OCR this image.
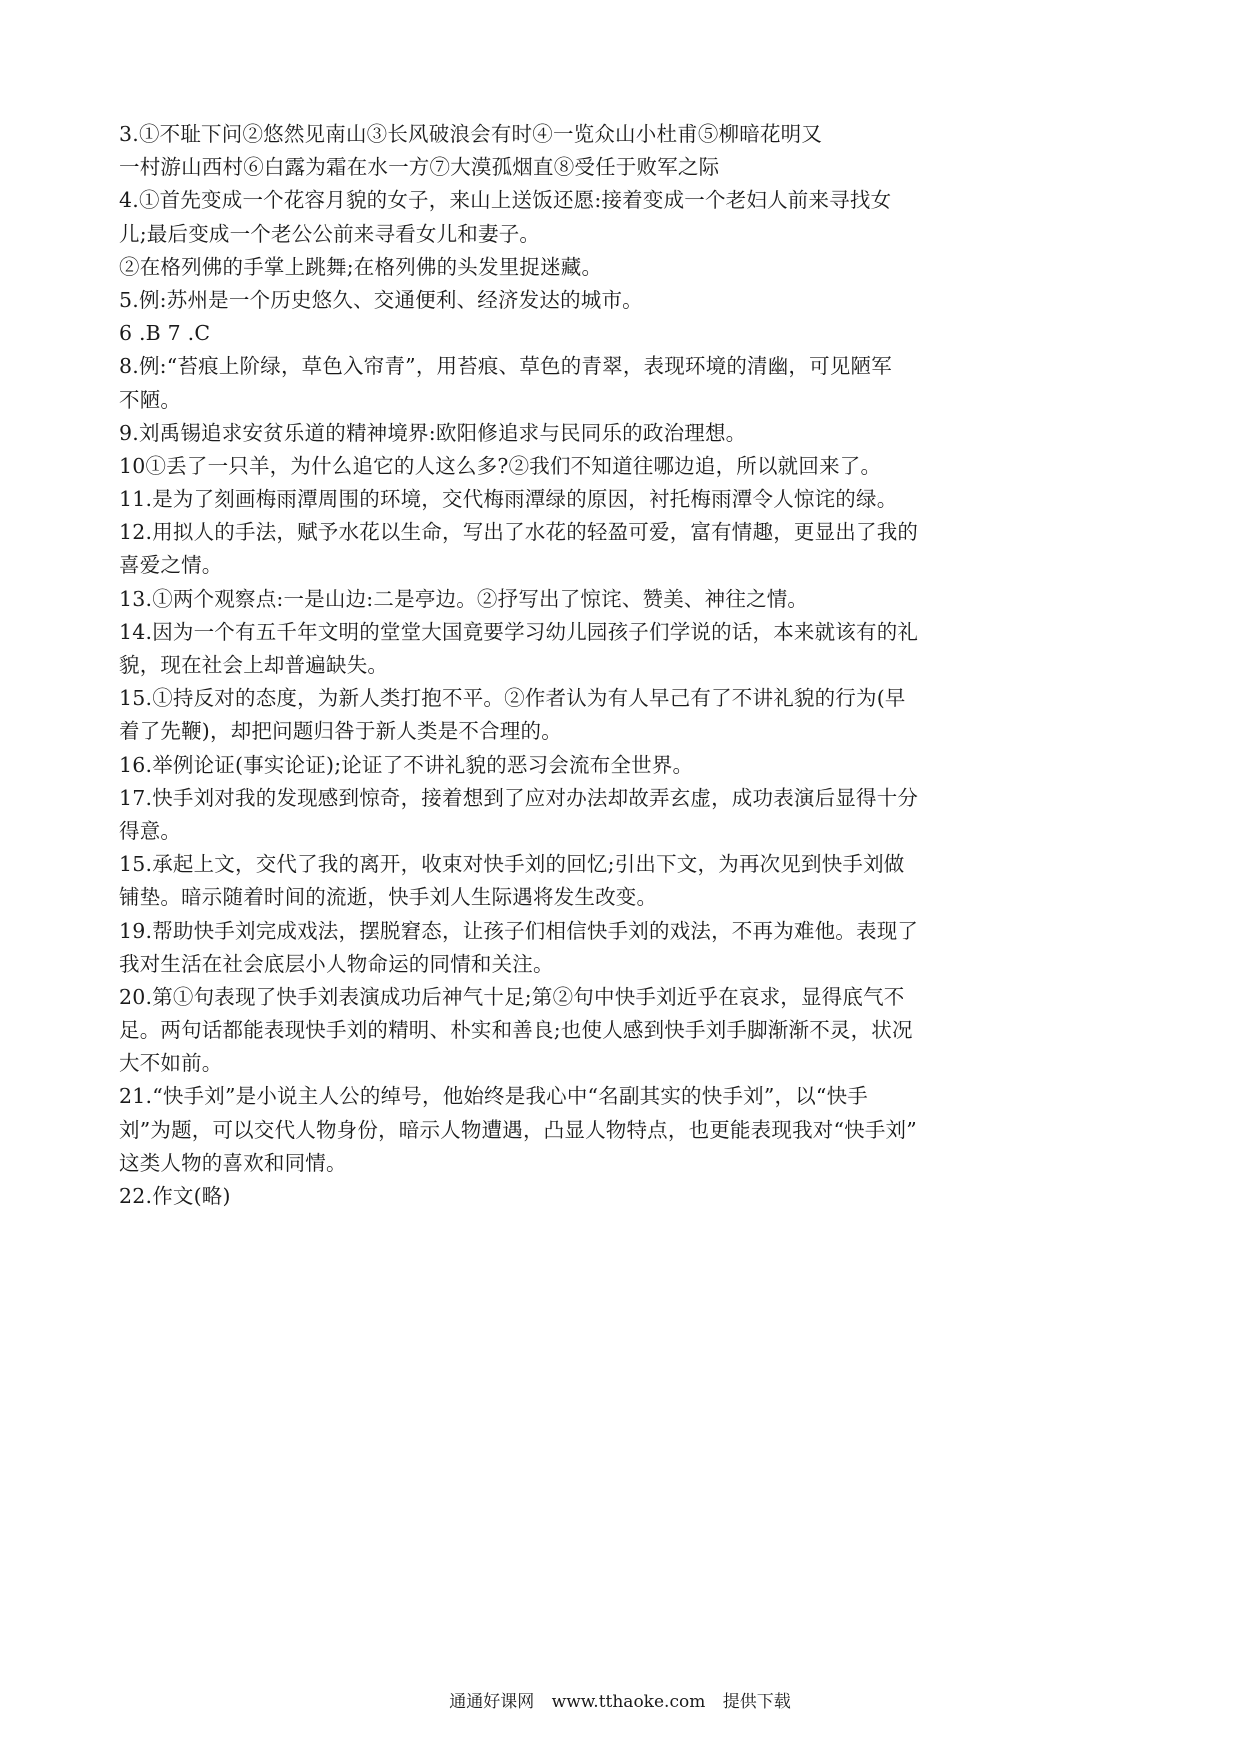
3.①不耻下问②悠然见南山③长风破浪会有时④一览众山小杜甫⑤柳暗花明又
一村游山西村⑥白露为霜在水一方⑦大漠孤烟直⑧受任于败军之际
4.①首先变成一个花容月貌的女子，来山上送饭还愿:接着变成一个老妇人前来寻找女
儿;最后变成一个老公公前来寻看女儿和妻子。
②在格列佛的手掌上跳舞;在格列佛的头发里捉迷藏。
5.例:苏州是一个历史悠久、交通便利、经济发达的城市。
6 .B 7 .C
8.例:“苔痕上阶绿，草色入帘青”，用苔痕、草色的青翠，表现环境的清幽，可见陋军
不陋。
9.刘禹锡追求安贫乐道的精神境界:欧阳修追求与民同乐的政治理想。
10①丢了一只羊，为什么追它的人这么多?②我们不知道往哪边追，所以就回来了。
11.是为了刻画梅雨潭周围的环境，交代梅雨潭绿的原因，衬托梅雨潭令人惊诧的绿。
12.用拟人的手法，赋予水花以生命，写出了水花的轻盈可爱，富有情趣，更显出了我的
喜爱之情。
13.①两个观察点:一是山边:二是亭边。②抒写出了惊诧、赞美、神往之情。
14.因为一个有五千年文明的堂堂大国竟要学习幼儿园孩子们学说的话，本来就该有的礼
貌，现在社会上却普遍缺失。
15.①持反对的态度，为新人类打抱不平。②作者认为有人早己有了不讲礼貌的行为(早
着了先鞭)，却把问题归咎于新人类是不合理的。
16.举例论证(事实论证);论证了不讲礼貌的恶习会流布全世界。
17.快手刘对我的发现感到惊奇，接着想到了应对办法却故弄玄虚，成功表演后显得十分
得意。
15.承起上文，交代了我的离开，收束对快手刘的回忆;引出下文，为再次见到快手刘做
铺垫。暗示随着时间的流逝，快手刘人生际遇将发生改变。
19.帮助快手刘完成戏法，摆脱窘态，让孩子们相信快手刘的戏法，不再为难他。表现了
我对生活在社会底层小人物命运的同情和关注。
20.第①句表现了快手刘表演成功后神气十足;第②句中快手刘近乎在哀求，显得底气不
足。两句话都能表现快手刘的精明、朴实和善良;也使人感到快手刘手脚渐渐不灵，状况
大不如前。
21.“快手刘”是小说主人公的绰号，他始终是我心中“名副其实的快手刘”，以“快手
刘”为题，可以交代人物身份，暗示人物遭遇，凸显人物特点，也更能表现我对“快手刘”
这类人物的喜欢和同情。
22.作文(略)
通通好课网 www.tthaoke.com 提供下载
